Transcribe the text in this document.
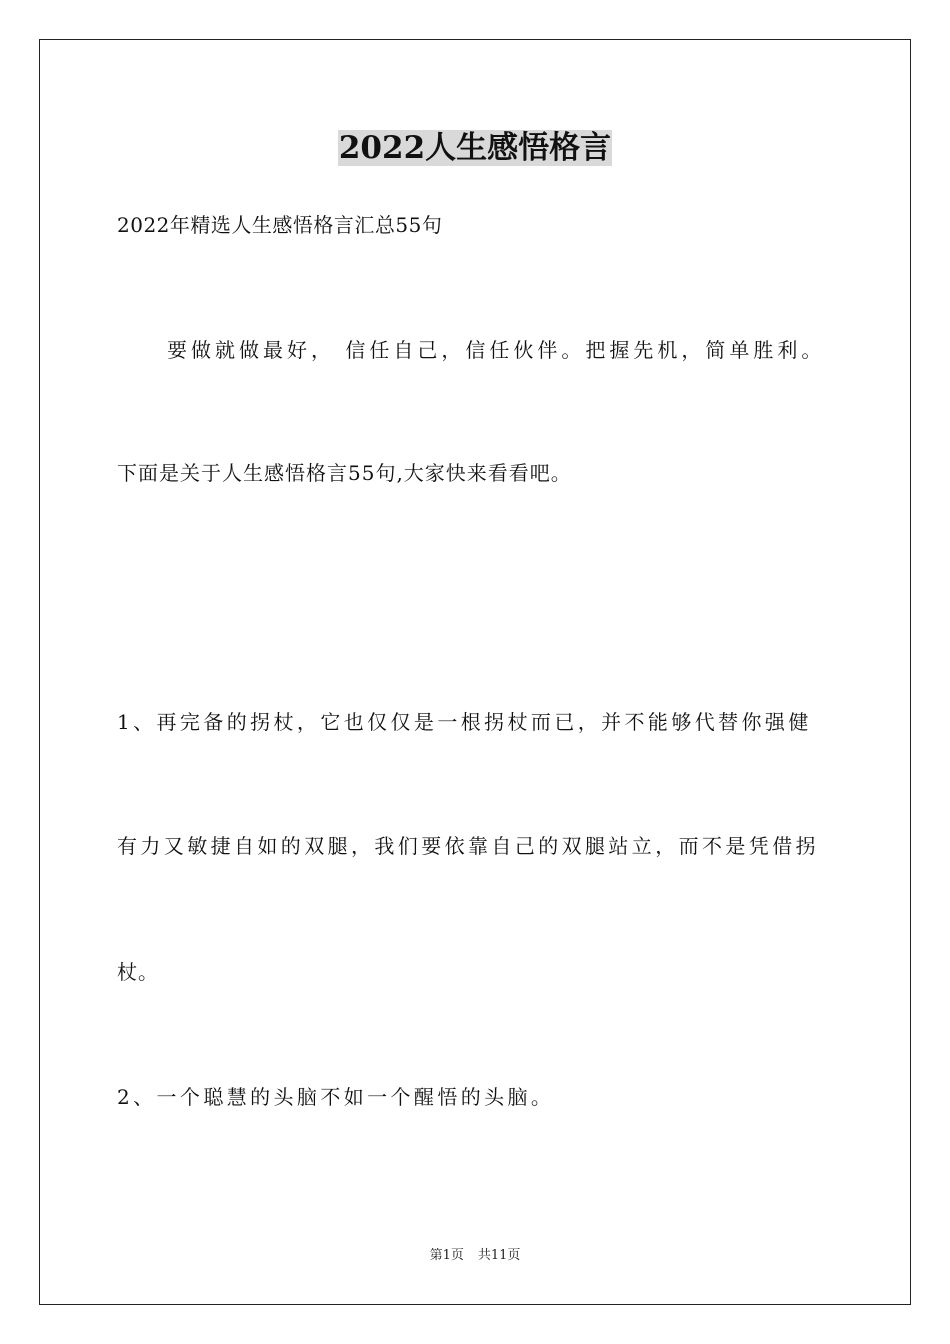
2022人生感悟格言
2022年精选人生感悟格言汇总55句
要做就做最好， 信任自己，信任伙伴。把握先机，简单胜利。
下面是关于人生感悟格言55句,大家快来看看吧。
1、再完备的拐杖，它也仅仅是一根拐杖而已，并不能够代替你强健
有力又敏捷自如的双腿，我们要依靠自己的双腿站立，而不是凭借拐
杖。
2、一个聪慧的头脑不如一个醒悟的头脑。
第1页 共11页
